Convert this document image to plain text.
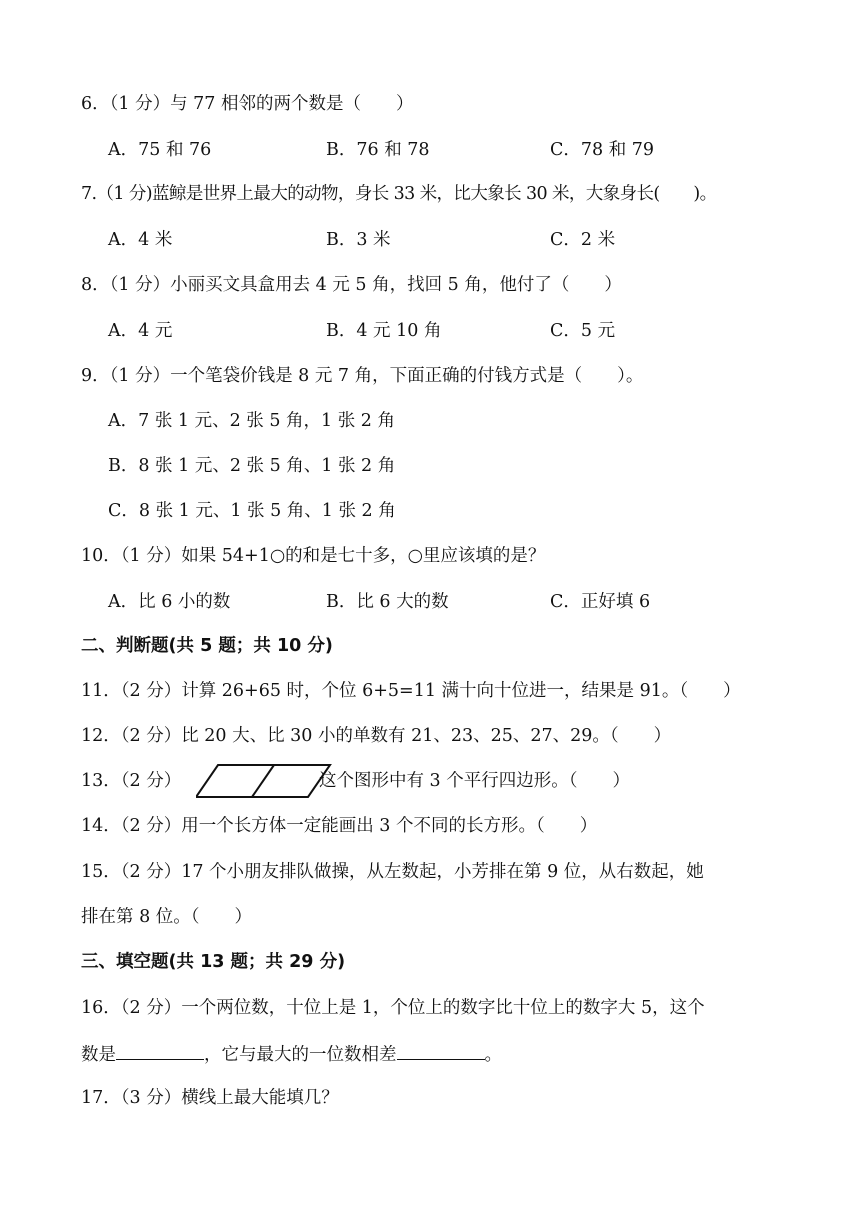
6．（1 分）与 77 相邻的两个数是（　　）
A．75 和 76	B．76 和 78	C．78 和 79
7.（1 分)蓝鲸是世界上最大的动物，身长 33 米，比大象长 30 米，大象身长(　　)。
A．4 米	B．3 米	C．2 米
8．（1 分）小丽买文具盒用去 4 元 5 角，找回 5 角，他付了（　　）
A．4 元	B．4 元 10 角	C．5 元
9．（1 分）一个笔袋价钱是 8 元 7 角，下面正确的付钱方式是（　　）。
A．7 张 1 元、2 张 5 角，1 张 2 角
B．8 张 1 元、2 张 5 角、1 张 2 角
C．8 张 1 元、1 张 5 角、1 张 2 角
10．（1 分）如果 54+1○的和是七十多，○里应该填的是？
A．比 6 小的数	B．比 6 大的数	C．正好填 6
二、判断题(共 5 题；共 10 分)
11．（2 分）计算 26+65 时，个位 6+5=11 满十向十位进一，结果是 91。（　　）
12．（2 分）比 20 大、比 30 小的单数有 21、23、25、27、29。（　　）
13．（2 分）	这个图形中有 3 个平行四边形。（　　）
14．（2 分）用一个长方体一定能画出 3 个不同的长方形。（　　）
15．（2 分）17 个小朋友排队做操，从左数起，小芳排在第 9 位，从右数起，她
排在第 8 位。（　　）
三、填空题(共 13 题；共 29 分)
16．（2 分）一个两位数，十位上是 1，个位上的数字比十位上的数字大 5，这个
数是	，它与最大的一位数相差	。
17．（3 分）横线上最大能填几？
